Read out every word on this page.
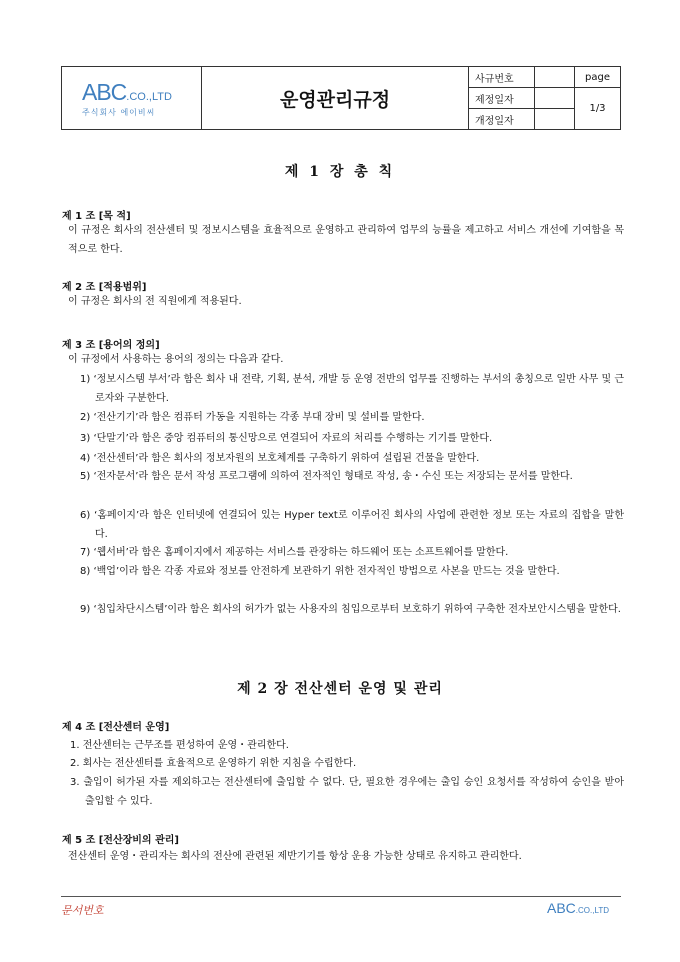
ABC.CO.,LTD
주식회사 에이비씨
운영관리규정
사규번호
제정일자
개정일자
page
1/3
제 1 장 총 칙
제 1 조 [목 적]
이 규정은 회사의 전산센터 및 정보시스템을 효율적으로 운영하고 관리하여 업무의 능률을 제고하고 서비스 개선에 기여함을 목적으로 한다.
제 2 조 [적용범위]
이 규정은 회사의 전 직원에게 적용된다.
제 3 조 [용어의 정의]
이 규정에서 사용하는 용어의 정의는 다음과 같다.
1) ‘정보시스템 부서’라 함은 회사 내 전략, 기획, 분석, 개발 등 운영 전반의 업무를 진행하는 부서의 총칭으로 일반 사무 및 근로자와 구분한다.
2) ‘전산기기’라 함은 컴퓨터 가동을 지원하는 각종 부대 장비 및 설비를 말한다.
3) ‘단말기’라 함은 중앙 컴퓨터의 통신망으로 연결되어 자료의 처리를 수행하는 기기를 말한다.
4) ‘전산센터’라 함은 회사의 정보자원의 보호체계를 구축하기 위하여 설립된 건물을 말한다.
5) ‘전자문서’라 함은 문서 작성 프로그램에 의하여 전자적인 형태로 작성, 송・수신 또는 저장되는 문서를 말한다.
6) ‘홈페이지’라 함은 인터넷에 연결되어 있는 Hyper text로 이루어진 회사의 사업에 관련한 정보 또는 자료의 집합을 말한다.
7) ‘웹서버’라 함은 홈페이지에서 제공하는 서비스를 관장하는 하드웨어 또는 소프트웨어를 말한다.
8) ‘백업’이라 함은 각종 자료와 정보를 안전하게 보관하기 위한 전자적인 방법으로 사본을 만드는 것을 말한다.
9) ‘침입차단시스템’이라 함은 회사의 허가가 없는 사용자의 침입으로부터 보호하기 위하여 구축한 전자보안시스템을 말한다.
제 2 장 전산센터 운영 및 관리
제 4 조 [전산센터 운영]
1. 전산센터는 근무조를 편성하여 운영・관리한다.
2. 회사는 전산센터를 효율적으로 운영하기 위한 지침을 수립한다.
3. 출입이 허가된 자를 제외하고는 전산센터에 출입할 수 없다. 단, 필요한 경우에는 출입 승인 요청서를 작성하여 승인을 받아 출입할 수 있다.
제 5 조 [전산장비의 관리]
전산센터 운영・관리자는 회사의 전산에 관련된 제반기기를 항상 운용 가능한 상태로 유지하고 관리한다.
문서번호	ABC.CO.,LTD
